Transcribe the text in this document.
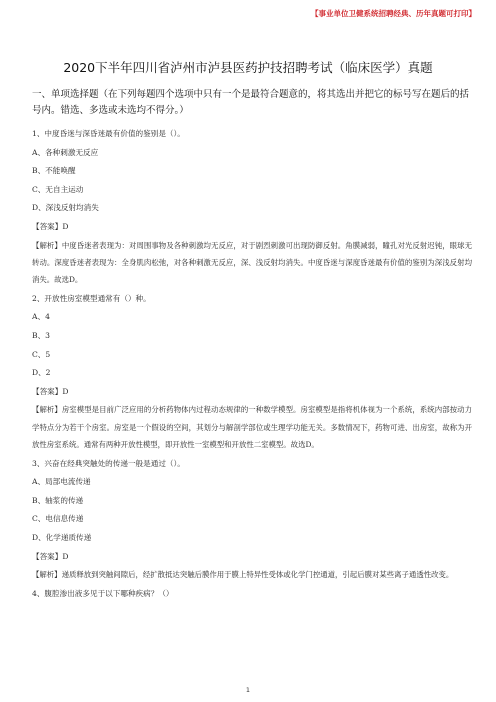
【事业单位卫健系统招聘经典、历年真题可打印】
2020下半年四川省泸州市泸县医药护技招聘考试（临床医学）真题
一、单项选择题（在下列每题四个选项中只有一个是最符合题意的，将其选出并把它的标号写在题后的括号内。错选、多选或未选均不得分。）
1、中度昏迷与深昏迷最有价值的鉴别是（）。
A、各种刺激无反应
B、不能唤醒
C、无自主运动
D、深浅反射均消失
【答案】D
【解析】中度昏迷者表现为：对周围事物及各种刺激均无反应，对于剧烈刺激可出现防御反射。角膜减弱，瞳孔对光反射迟钝，眼球无转动。深度昏迷者表现为：全身肌肉松弛，对各种刺激无反应，深、浅反射均消失。中度昏迷与深度昏迷最有价值的鉴别为深浅反射均消失。故选D。
2、开放性房室模型通常有（）种。
A、4
B、3
C、5
D、2
【答案】D
【解析】房室模型是目前广泛应用的分析药物体内过程动态规律的一种数学模型。房室模型是指将机体视为一个系统，系统内部按动力学特点分为若干个房室。房室是一个假设的空间，其划分与解剖学部位或生理学功能无关。多数情况下，药物可进、出房室，故称为开放性房室系统。通常有两种开放性模型，即开放性一室模型和开放性二室模型。故选D。
3、兴奋在经典突触处的传递一般是通过（）。
A、局部电流传递
B、轴浆的传递
C、电信息传递
D、化学递质传递
【答案】D
【解析】递质释放到突触间隙后，经扩散抵达突触后膜作用于膜上特异性受体或化学门控通道，引起后膜对某些离子通透性改变。
4、腹腔渗出液多见于以下哪种疾病？（）
1
